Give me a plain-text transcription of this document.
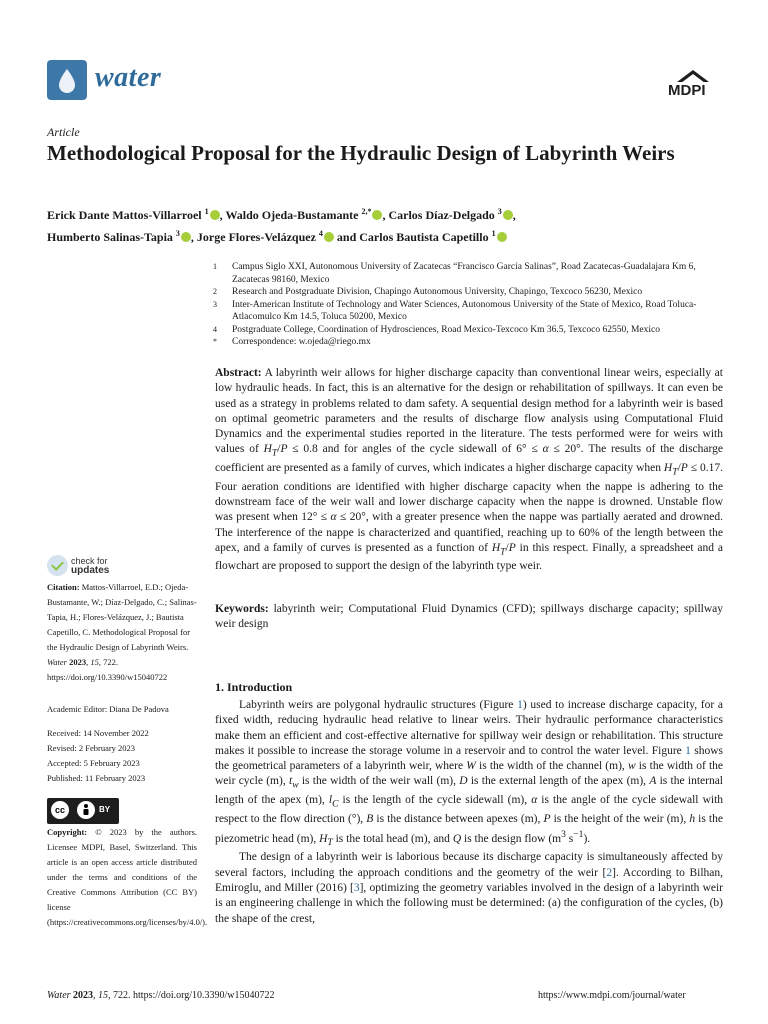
water	MDPI
Article
Methodological Proposal for the Hydraulic Design of Labyrinth Weirs
Erick Dante Mattos-Villarroel $^1$ , Waldo Ojeda-Bustamante $^{2,*}$ , Carlos Díaz-Delgado $^3$ ,
Humberto Salinas-Tapia $^3$ , Jorge Flores-Velázquez $^4$ and Carlos Bautista Capetillo $^1$
1	Campus Siglo XXI, Autonomous University of Zacatecas “Francisco García Salinas”, Road Zacatecas-Guadalajara Km 6, Zacatecas 98160, Mexico
2	Research and Postgraduate Division, Chapingo Autonomous University, Chapingo, Texcoco 56230, Mexico
3	Inter-American Institute of Technology and Water Sciences, Autonomous University of the State of Mexico, Road Toluca-Atlacomulco Km 14.5, Toluca 50200, Mexico
4	Postgraduate College, Coordination of Hydrosciences, Road Mexico-Texcoco Km 36.5, Texcoco 62550, Mexico
*	Correspondence: w.ojeda@riego.mx
Abstract: A labyrinth weir allows for higher discharge capacity than conventional linear weirs, especially at low hydraulic heads. In fact, this is an alternative for the design or rehabilitation of spillways. It can even be used as a strategy in problems related to dam safety. A sequential design method for a labyrinth weir is based on optimal geometric parameters and the results of discharge flow analysis using Computational Fluid Dynamics and the experimental studies reported in the literature. The tests performed were for weirs with values of $H_T/P \le 0.8$ and for angles of the cycle sidewall of 6° ≤ α ≤ 20°. The results of the discharge coefficient are presented as a family of curves, which indicates a higher discharge capacity when $H_T/P \le 0.17$. Four aeration conditions are identified with higher discharge capacity when the nappe is adhering to the downstream face of the weir wall and lower discharge capacity when the nappe is drowned. Unstable flow was present when 12° ≤ α ≤ 20°, with a greater presence when the nappe was partially aerated and drowned. The interference of the nappe is characterized and quantified, reaching up to 60% of the length between the apex, and a family of curves is presented as a function of $H_T/P$ in this respect. Finally, a spreadsheet and a flowchart are proposed to support the design of the labyrinth type weir.
Keywords: labyrinth weir; Computational Fluid Dynamics (CFD); spillways discharge capacity; spillway weir design
1. Introduction

Labyrinth weirs are polygonal hydraulic structures (Figure 1) used to increase discharge capacity, for a fixed width, reducing hydraulic head relative to linear weirs. Their hydraulic performance characteristics make them an efficient and cost-effective alternative for spillway weir design or rehabilitation. This structure makes it possible to increase the storage volume in a reservoir and to control the water level. Figure 1 shows the geometrical parameters of a labyrinth weir, where W is the width of the channel (m), w is the width of the weir cycle (m), $t_w$ is the width of the weir wall (m), D is the external length of the apex (m), A is the internal length of the apex (m), $l_C$ is the length of the cycle sidewall (m), α is the angle of the cycle sidewall with respect to the flow direction (°), B is the distance between apexes (m), P is the height of the weir (m), h is the piezometric head (m), $H_T$ is the total head (m), and Q is the design flow ($m^3$ $s^{-1}$).

The design of a labyrinth weir is laborious because its discharge capacity is simultaneously affected by several factors, including the approach conditions and the geometry of the weir [2]. According to Bilhan, Emiroglu, and Miller (2016) [3], optimizing the geometry variables involved in the design of a labyrinth weir is an engineering challenge in which the following must be determined: (a) the configuration of the cycles, (b) the shape of the crest,

check for
updates
Citation: Mattos-Villarroel, E.D.; Ojeda-Bustamante, W.; Díaz-Delgado, C.; Salinas-Tapia, H.; Flores-Velázquez, J.; Bautista Capetillo, C. Methodological Proposal for the Hydraulic Design of Labyrinth Weirs. Water 2023, 15, 722. https://doi.org/10.3390/w15040722
Academic Editor: Diana De Padova
Received: 14 November 2022
Revised: 2 February 2023
Accepted: 5 February 2023
Published: 11 February 2023
cc	BY
Copyright: © 2023 by the authors. Licensee MDPI, Basel, Switzerland. This article is an open access article distributed under the terms and conditions of the Creative Commons Attribution (CC BY) license (https://creativecommons.org/licenses/by/4.0/).
Water 2023, 15, 722. https://doi.org/10.3390/w15040722	https://www.mdpi.com/journal/water
